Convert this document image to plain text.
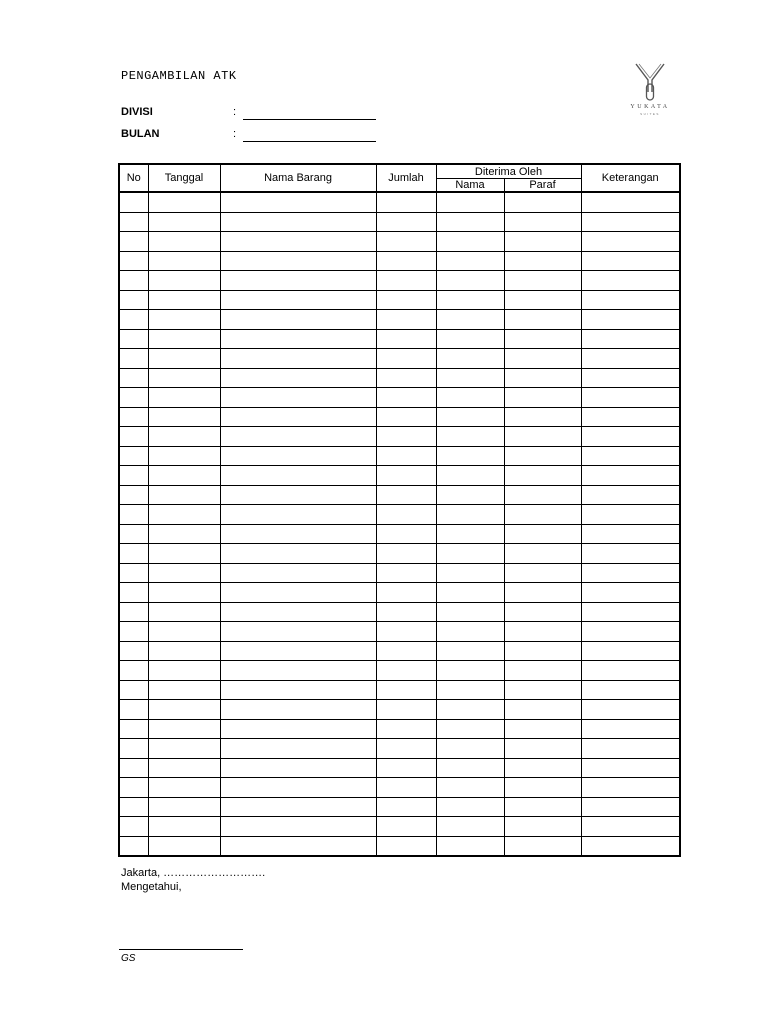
PENGAMBILAN ATK
DIVISI	:
BULAN	:
YUKATA
SUITES
No	Tanggal	Nama Barang	Jumlah	Diterima Oleh		Keterangan
				Nama	Paraf	

Jakarta, ……………………….
Mengetahui,
GS
